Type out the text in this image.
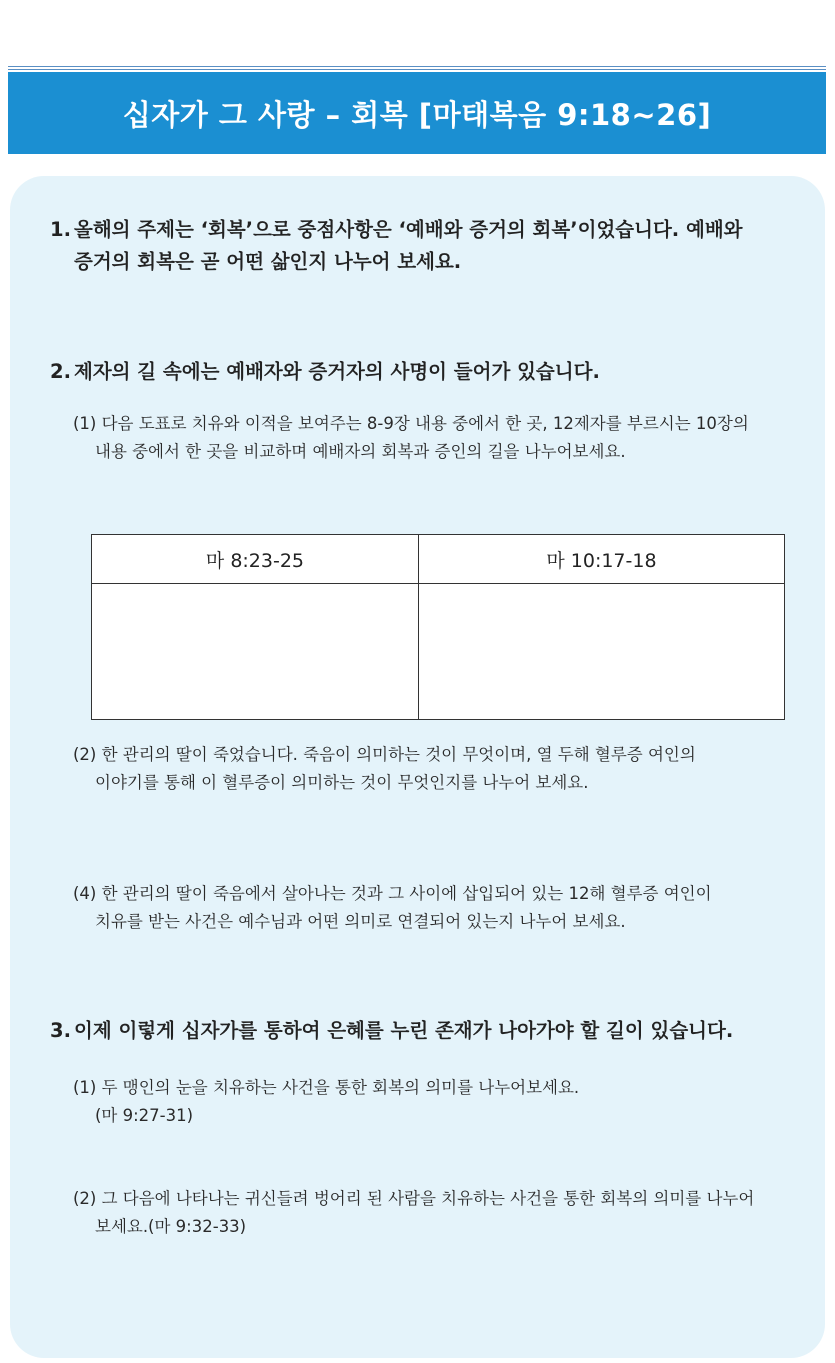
십자가 그 사랑 – 회복 [마태복음 9:18~26]
1. 올해의 주제는 ‘회복’으로 중점사항은 ‘예배와 증거의 회복’이었습니다. 예배와
증거의 회복은 곧 어떤 삶인지 나누어 보세요.
2. 제자의 길 속에는 예배자와 증거자의 사명이 들어가 있습니다.
(1) 다음 도표로 치유와 이적을 보여주는 8-9장 내용 중에서 한 곳, 12제자를 부르시는 10장의
내용 중에서 한 곳을 비교하며 예배자의 회복과 증인의 길을 나누어보세요.
마 8:23-25	마 10:17-18

(2) 한 관리의 딸이 죽었습니다. 죽음이 의미하는 것이 무엇이며, 열 두해 혈루증 여인의
이야기를 통해 이 혈루증이 의미하는 것이 무엇인지를 나누어 보세요.
(4) 한 관리의 딸이 죽음에서 살아나는 것과 그 사이에 삽입되어 있는 12해 혈루증 여인이
치유를 받는 사건은 예수님과 어떤 의미로 연결되어 있는지 나누어 보세요.
3. 이제 이렇게 십자가를 통하여 은혜를 누린 존재가 나아가야 할 길이 있습니다.
(1) 두 맹인의 눈을 치유하는 사건을 통한 회복의 의미를 나누어보세요.
(마 9:27-31)
(2) 그 다음에 나타나는 귀신들려 벙어리 된 사람을 치유하는 사건을 통한 회복의 의미를 나누어
보세요.(마 9:32-33)
